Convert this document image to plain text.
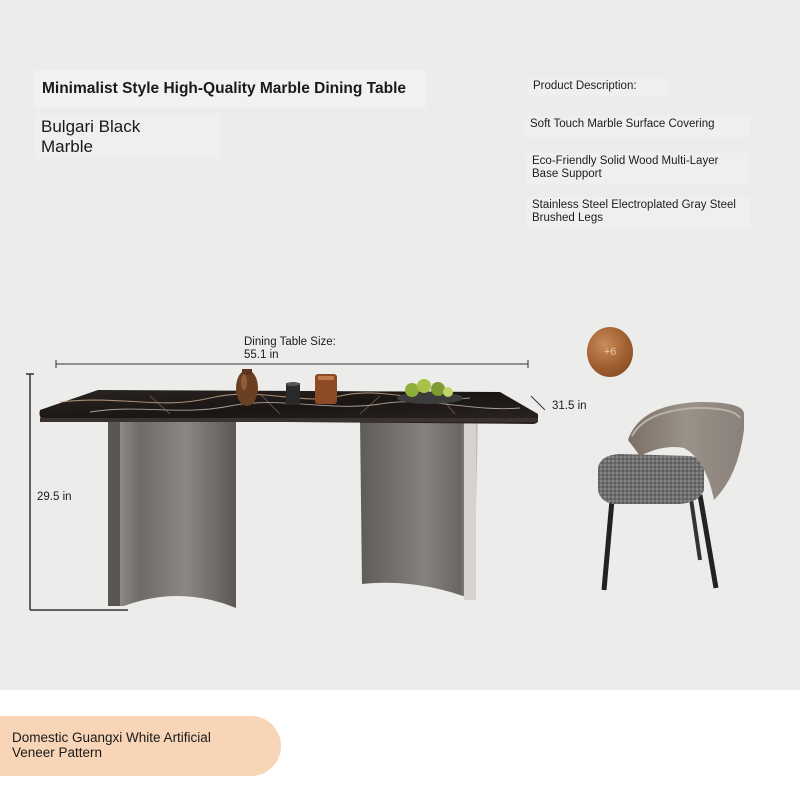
Minimalist Style High-Quality Marble Dining Table
Bulgari Black
Marble
Product Description:
Soft Touch Marble Surface Covering
Eco-Friendly Solid Wood Multi-Layer Base Support
Stainless Steel Electroplated Gray Steel Brushed Legs
Dining Table Size:
55.1 in
31.5 in
29.5 in
+6
Domestic Guangxi White Artificial
Veneer Pattern
